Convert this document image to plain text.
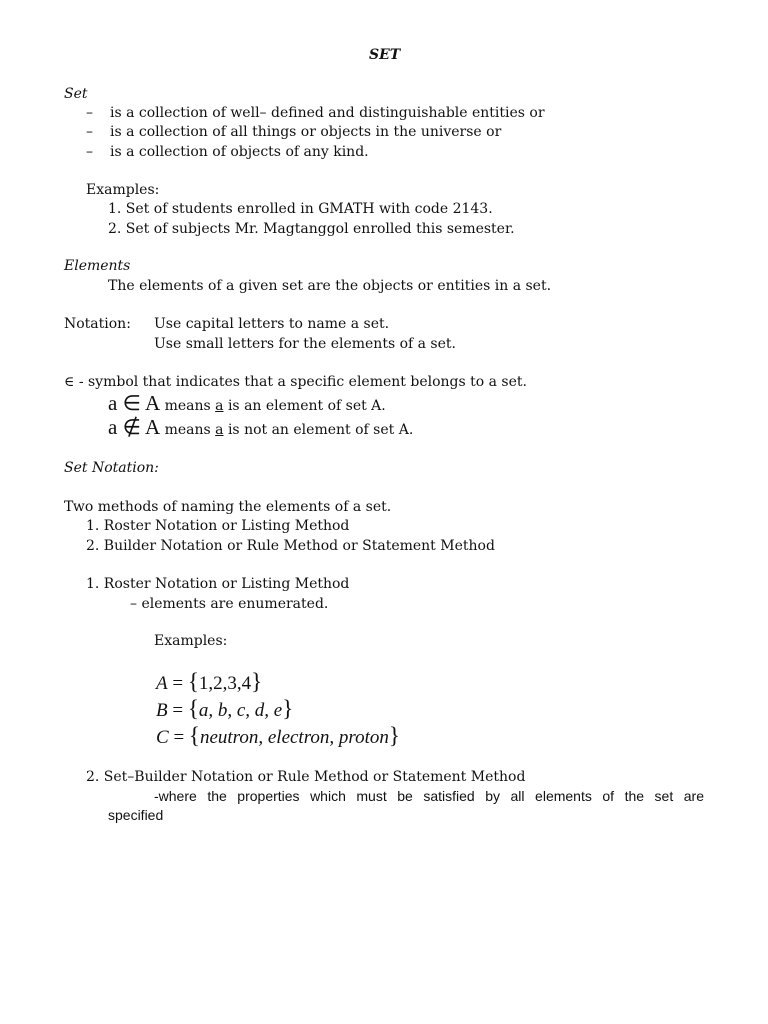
SET
Set
– is a collection of well– defined and distinguishable entities or
– is a collection of all things or objects in the universe or
– is a collection of objects of any kind.
Examples:
1. Set of students enrolled in GMATH with code 2143.
2. Set of subjects Mr. Magtanggol enrolled this semester.
Elements
The elements of a given set are the objects or entities in a set.
Notation: Use capital letters to name a set.
Use small letters for the elements of a set.
∈ - symbol that indicates that a specific element belongs to a set.
a ∈ A means a is an element of set A.
a ∉ A means a is not an element of set A.
Set Notation:
Two methods of naming the elements of a set.
1. Roster Notation or Listing Method
2. Builder Notation or Rule Method or Statement Method
1. Roster Notation or Listing Method
– elements are enumerated.
Examples:
A = {1,2,3,4}
B = {a, b, c, d, e}
C = {neutron, electron, proton}
2. Set–Builder Notation or Rule Method or Statement Method
-where the properties which must be satisfied by all elements of the set are
specified
